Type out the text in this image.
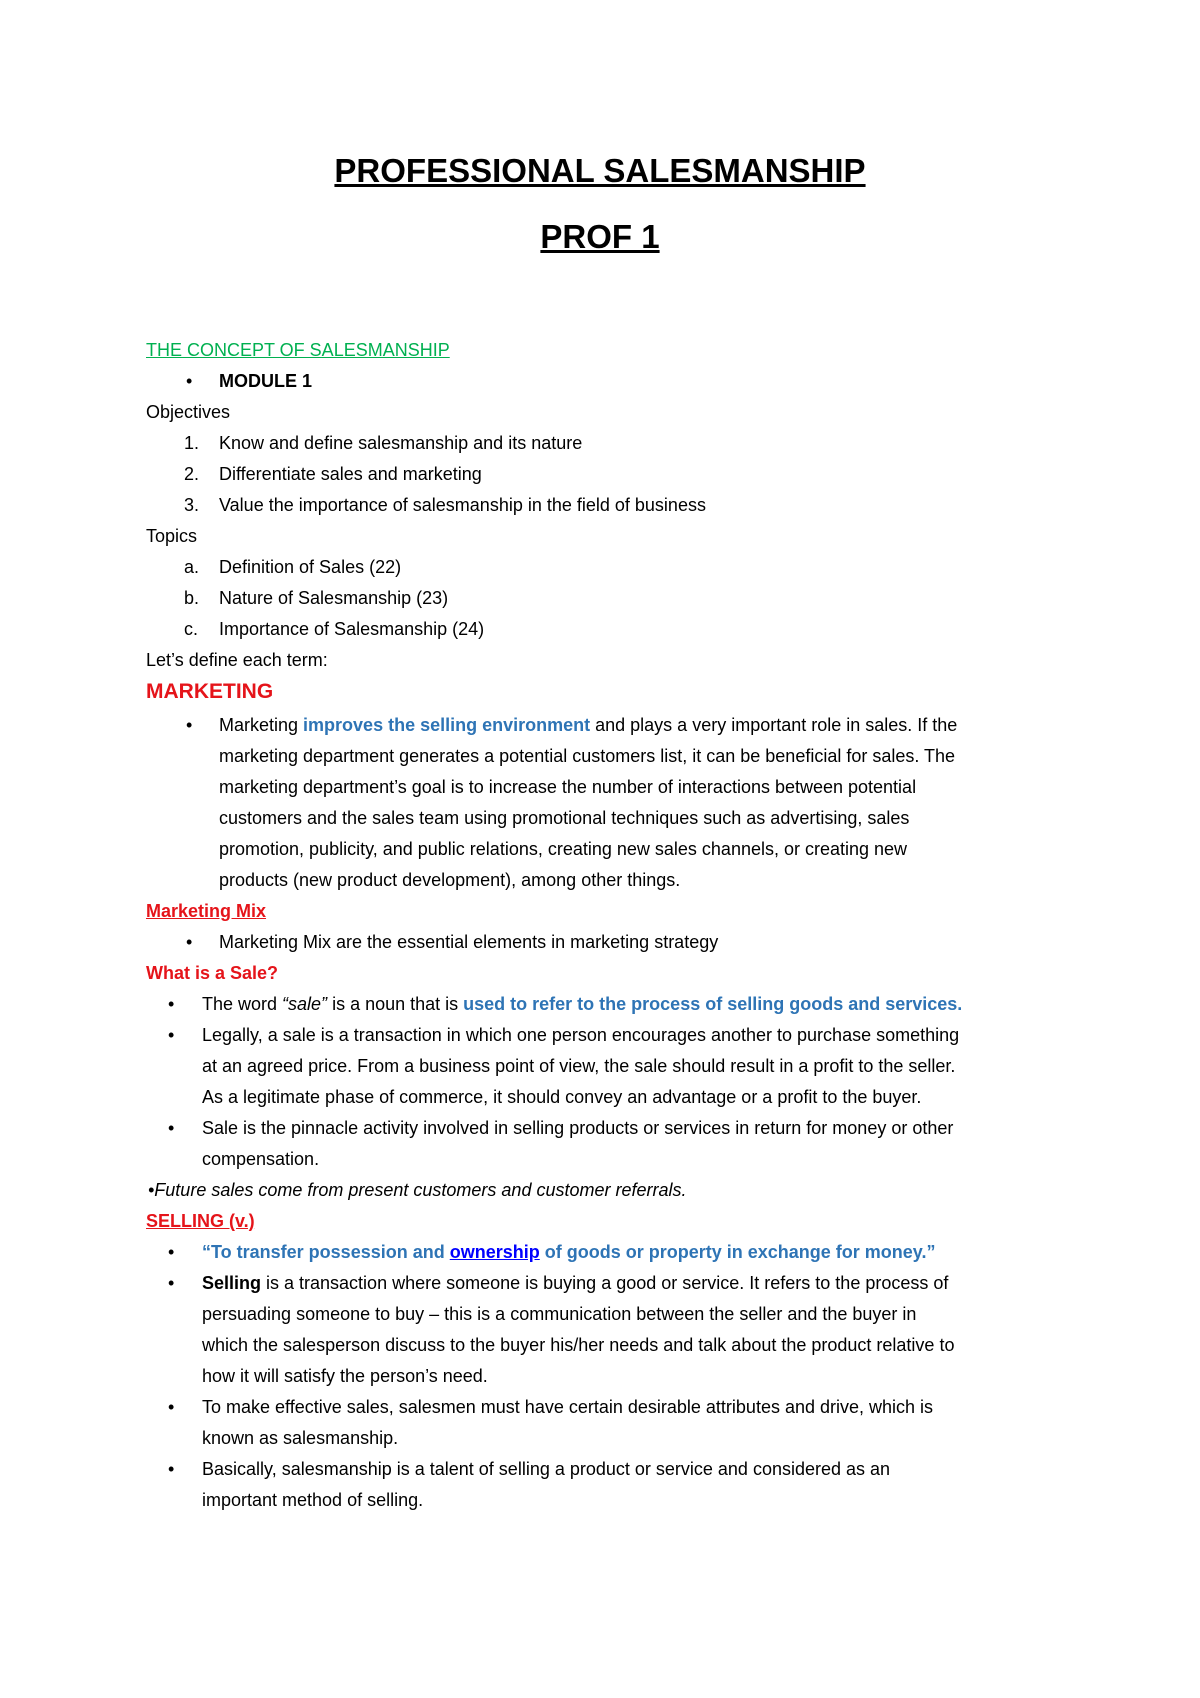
PROFESSIONAL SALESMANSHIP
PROF 1
THE CONCEPT OF SALESMANSHIP
• MODULE 1
Objectives
1. Know and define salesmanship and its nature
2. Differentiate sales and marketing
3. Value the importance of salesmanship in the field of business
Topics
a. Definition of Sales (22)
b. Nature of Salesmanship (23)
c. Importance of Salesmanship (24)
Let’s define each term:
MARKETING
• Marketing improves the selling environment and plays a very important role in sales. If the
marketing department generates a potential customers list, it can be beneficial for sales. The
marketing department’s goal is to increase the number of interactions between potential
customers and the sales team using promotional techniques such as advertising, sales
promotion, publicity, and public relations, creating new sales channels, or creating new
products (new product development), among other things.
Marketing Mix
• Marketing Mix are the essential elements in marketing strategy
What is a Sale?
• The word “sale” is a noun that is used to refer to the process of selling goods and services.
• Legally, a sale is a transaction in which one person encourages another to purchase something
at an agreed price. From a business point of view, the sale should result in a profit to the seller.
As a legitimate phase of commerce, it should convey an advantage or a profit to the buyer.
• Sale is the pinnacle activity involved in selling products or services in return for money or other
compensation.
•Future sales come from present customers and customer referrals.
SELLING (v.)
• “To transfer possession and ownership of goods or property in exchange for money.”
• Selling is a transaction where someone is buying a good or service. It refers to the process of
persuading someone to buy – this is a communication between the seller and the buyer in
which the salesperson discuss to the buyer his/her needs and talk about the product relative to
how it will satisfy the person’s need.
• To make effective sales, salesmen must have certain desirable attributes and drive, which is
known as salesmanship.
• Basically, salesmanship is a talent of selling a product or service and considered as an
important method of selling.
